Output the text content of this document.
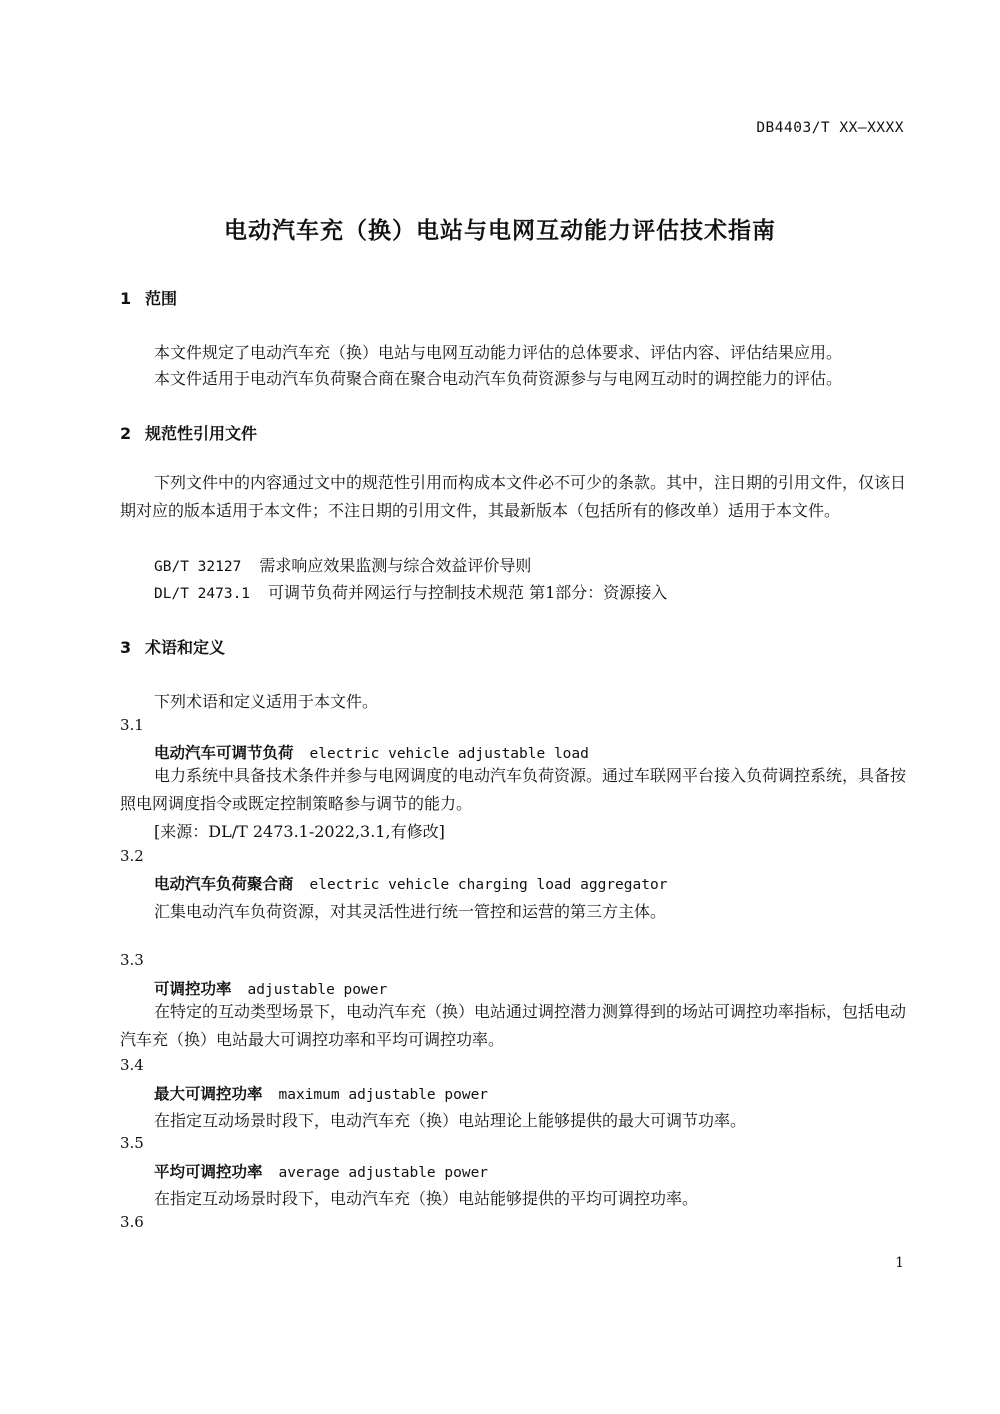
DB4403/T XX—XXXX
电动汽车充（换）电站与电网互动能力评估技术指南
1 范围
本文件规定了电动汽车充（换）电站与电网互动能力评估的总体要求、评估内容、评估结果应用。
本文件适用于电动汽车负荷聚合商在聚合电动汽车负荷资源参与与电网互动时的调控能力的评估。
2 规范性引用文件
下列文件中的内容通过文中的规范性引用而构成本文件必不可少的条款。其中，注日期的引用文件，仅该日期对应的版本适用于本文件；不注日期的引用文件，其最新版本（包括所有的修改单）适用于本文件。
GB/T 32127 需求响应效果监测与综合效益评价导则
DL/T 2473.1 可调节负荷并网运行与控制技术规范 第1部分：资源接入
3 术语和定义
下列术语和定义适用于本文件。
3.1
电动汽车可调节负荷 electric vehicle adjustable load
电力系统中具备技术条件并参与电网调度的电动汽车负荷资源。通过车联网平台接入负荷调控系统，具备按照电网调度指令或既定控制策略参与调节的能力。
[来源：DL/T 2473.1-2022,3.1,有修改]
3.2
电动汽车负荷聚合商 electric vehicle charging load aggregator
汇集电动汽车负荷资源，对其灵活性进行统一管控和运营的第三方主体。
3.3
可调控功率 adjustable power
在特定的互动类型场景下，电动汽车充（换）电站通过调控潜力测算得到的场站可调控功率指标，包括电动汽车充（换）电站最大可调控功率和平均可调控功率。
3.4
最大可调控功率 maximum adjustable power
在指定互动场景时段下，电动汽车充（换）电站理论上能够提供的最大可调节功率。
3.5
平均可调控功率 average adjustable power
在指定互动场景时段下，电动汽车充（换）电站能够提供的平均可调控功率。
3.6
1
